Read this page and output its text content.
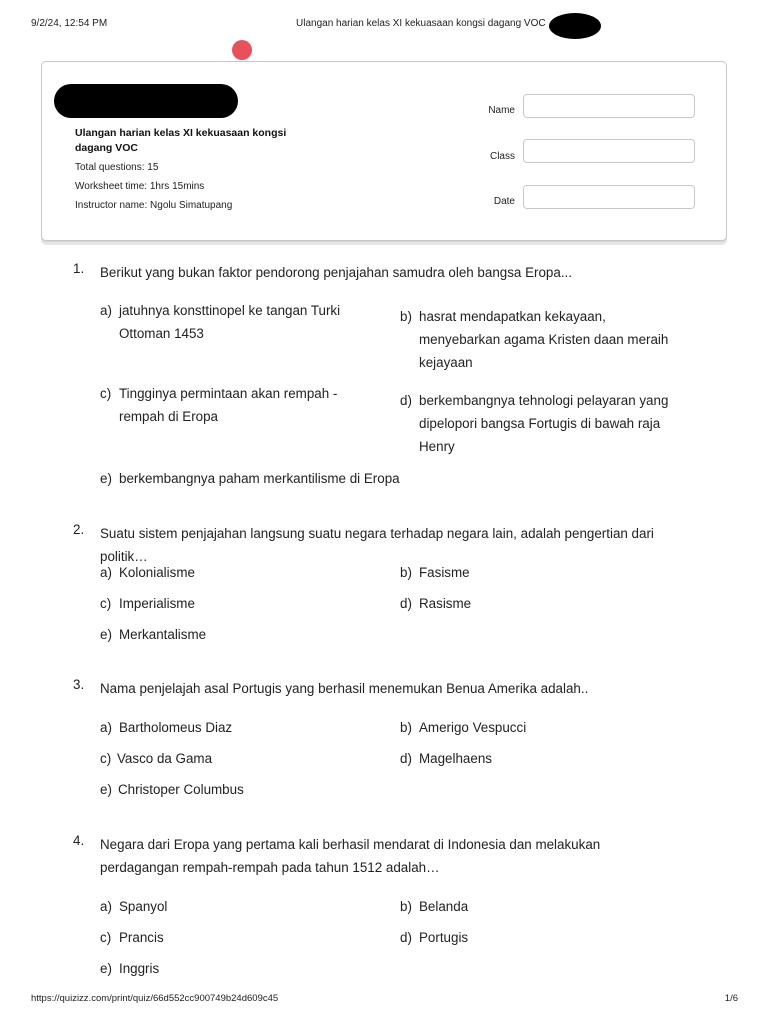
9/2/24, 12:54 PM	Ulangan harian kelas XI kekuasaan kongsi dagang VOC
Ulangan harian kelas XI kekuasaan kongsi dagang VOC
Total questions: 15
Worksheet time: 1hrs 15mins
Instructor name: Ngolu Simatupang
Name
Class
Date
1. Berikut yang bukan faktor pendorong penjajahan samudra oleh bangsa Eropa...
a) jatuhnya konsttinopel ke tangan Turki Ottoman 1453
b) hasrat mendapatkan kekayaan, menyebarkan agama Kristen daan meraih kejayaan
c) Tingginya permintaan akan rempah - rempah di Eropa
d) berkembangnya tehnologi pelayaran yang dipelopori bangsa Fortugis di bawah raja Henry
e) berkembangnya paham merkantilisme di Eropa
2. Suatu sistem penjajahan langsung suatu negara terhadap negara lain, adalah pengertian dari politik…
a) Kolonialisme	b) Fasisme
c) Imperialisme	d) Rasisme
e) Merkantalisme
3. Nama penjelajah asal Portugis yang berhasil menemukan Benua Amerika adalah..
a) Bartholomeus Diaz	b) Amerigo Vespucci
c) Vasco da Gama	d) Magelhaens
e) Christoper Columbus
4. Negara dari Eropa yang pertama kali berhasil mendarat di Indonesia dan melakukan perdagangan rempah-rempah pada tahun 1512 adalah…
a) Spanyol	b) Belanda
c) Prancis	d) Portugis
e) Inggris
https://quizizz.com/print/quiz/66d552cc900749b24d609c45	1/6
